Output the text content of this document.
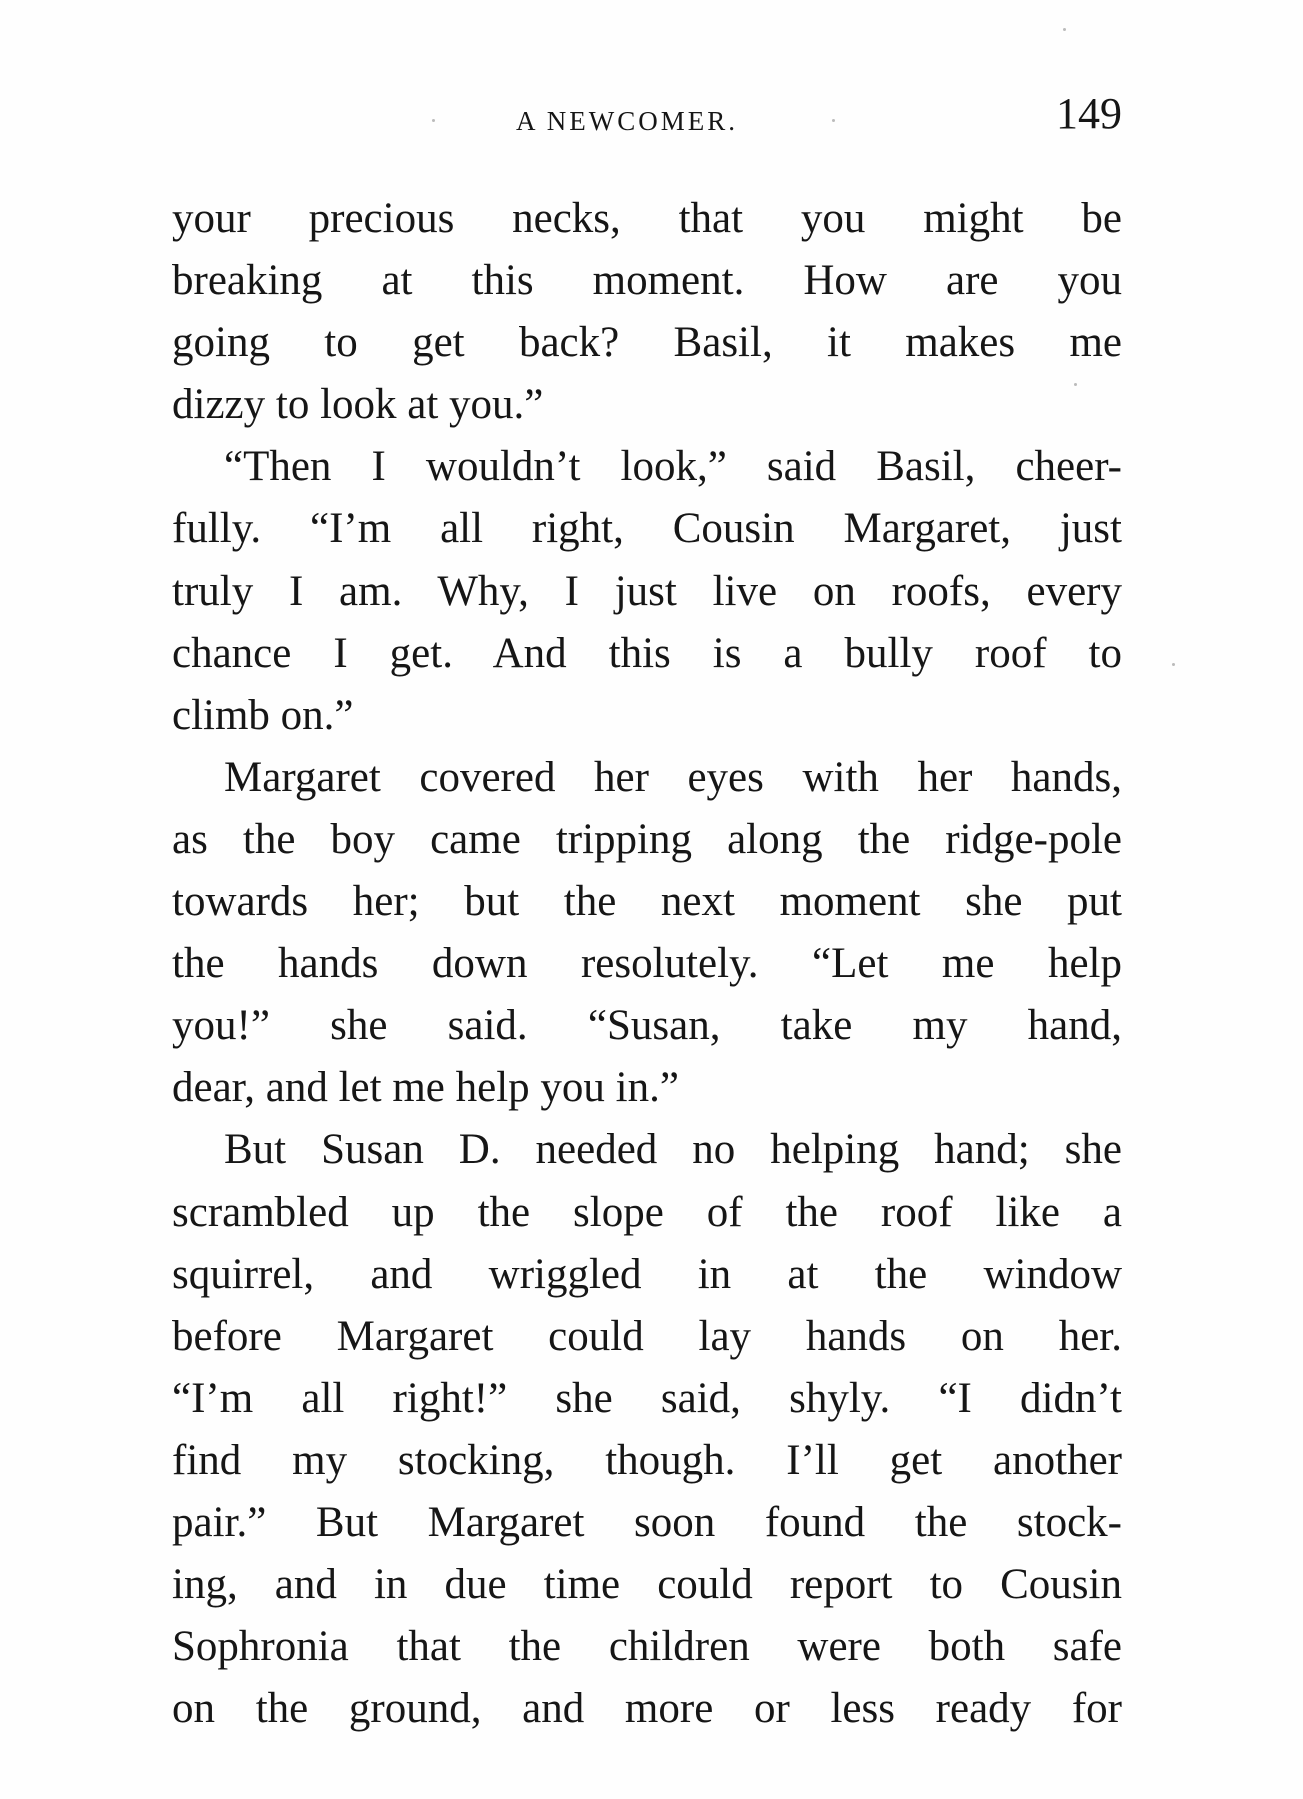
A NEWCOMER.	149
your precious necks, that you might be
breaking at this moment. How are you
going to get back? Basil, it makes me
dizzy to look at you.”
“Then I wouldn’t look,” said Basil, cheer-
fully. “I’m all right, Cousin Margaret, just
truly I am. Why, I just live on roofs, every
chance I get. And this is a bully roof to
climb on.”
Margaret covered her eyes with her hands,
as the boy came tripping along the ridge-pole
towards her; but the next moment she put
the hands down resolutely. “Let me help
you!” she said. “Susan, take my hand,
dear, and let me help you in.”
But Susan D. needed no helping hand; she
scrambled up the slope of the roof like a
squirrel, and wriggled in at the window
before Margaret could lay hands on her.
“I’m all right!” she said, shyly. “I didn’t
find my stocking, though. I’ll get another
pair.” But Margaret soon found the stock-
ing, and in due time could report to Cousin
Sophronia that the children were both safe
on the ground, and more or less ready for
